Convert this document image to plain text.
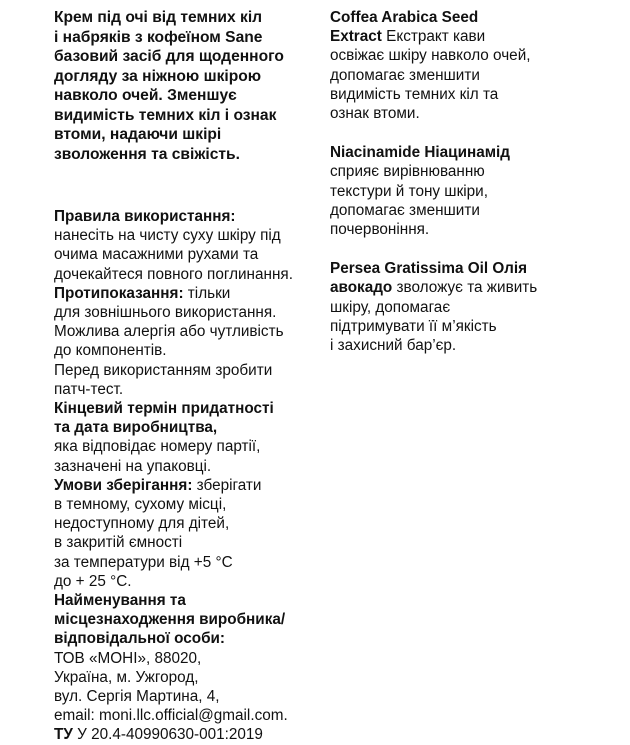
Крем під очі від темних кіл
і набряків з кофеїном Sane
базовий засіб для щоденного
догляду за ніжною шкірою
навколо очей. Зменшує
видимість темних кіл і ознак
втоми, надаючи шкірі
зволоження та свіжість.

Правила використання:
нанесіть на чисту суху шкіру під
очима масажними рухами та
дочекайтеся повного поглинання.
Протипоказання: тільки
для зовнішнього використання.
Можлива алергія або чутливість
до компонентів.
Перед використанням зробити
патч-тест.
Кінцевий термін придатності
та дата виробництва,
яка відповідає номеру партії,
зазначені на упаковці.
Умови зберігання: зберігати
в темному, сухому місці,
недоступному для дітей,
в закритій ємності
за температури від +5 °С
до + 25 °С.
Найменування та
місцезнаходження виробника/
відповідальної особи:
ТОВ «МОНІ», 88020,
Україна, м. Ужгород,
вул. Сергія Мартина, 4,
email: moni.llc.official@gmail.com.
ТУ У 20.4-40990630-001:2019
Coffea Arabica Seed
Extract Екстракт кави
освіжає шкіру навколо очей,
допомагає зменшити
видимість темних кіл та
ознак втоми.
Niacinamide Ніацинамід
сприяє вирівнюванню
текстури й тону шкіри,
допомагає зменшити
почервоніння.
Persea Gratissima Oil Олія
авокадо зволожує та живить
шкіру, допомагає
підтримувати її м’якість
і захисний бар’єр.
